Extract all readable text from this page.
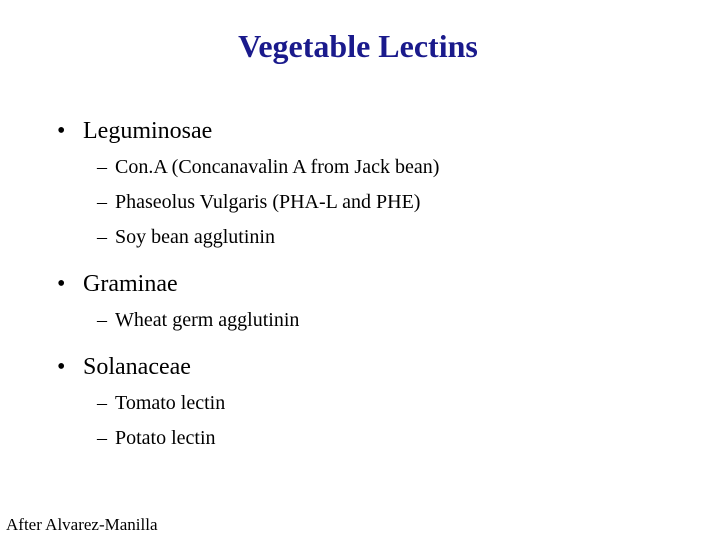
Vegetable Lectins
• Leguminosae
– Con.A (Concanavalin A from Jack bean)
– Phaseolus Vulgaris (PHA-L and PHE)
– Soy bean agglutinin
• Graminae
– Wheat germ agglutinin
• Solanaceae
– Tomato lectin
– Potato lectin
After Alvarez-Manilla
